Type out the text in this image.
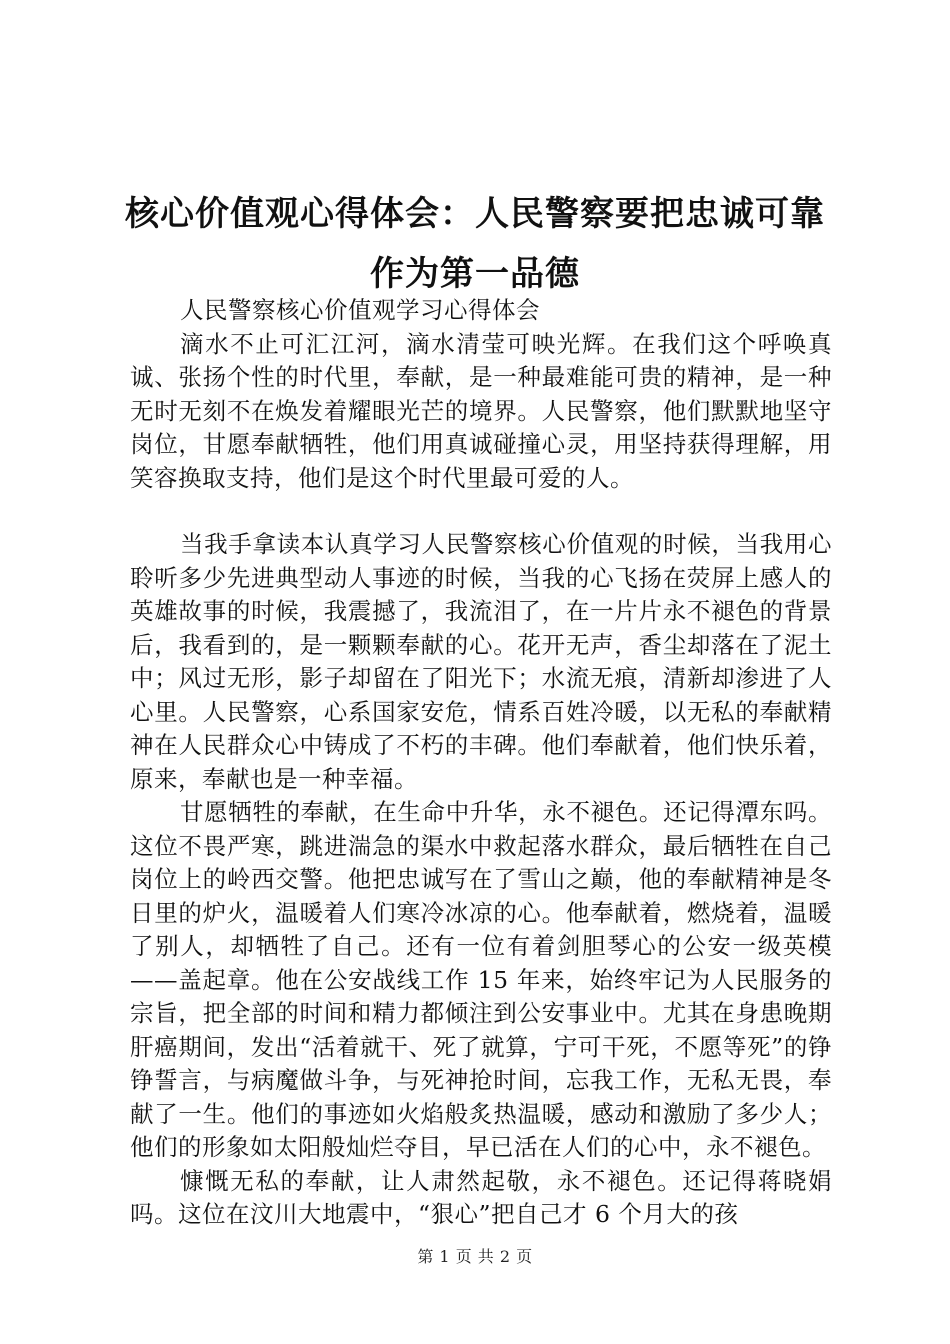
核心价值观心得体会：人民警察要把忠诚可靠
作为第一品德

人民警察核心价值观学习心得体会

滴水不止可汇江河，滴水清莹可映光辉。在我们这个呼唤真诚、张扬个性的时代里，奉献，是一种最难能可贵的精神，是一种无时无刻不在焕发着耀眼光芒的境界。人民警察，他们默默地坚守岗位，甘愿奉献牺牲，他们用真诚碰撞心灵，用坚持获得理解，用笑容换取支持，他们是这个时代里最可爱的人。

当我手拿读本认真学习人民警察核心价值观的时候，当我用心聆听多少先进典型动人事迹的时候，当我的心飞扬在荧屏上感人的英雄故事的时候，我震撼了，我流泪了，在一片片永不褪色的背景后，我看到的，是一颗颗奉献的心。花开无声，香尘却落在了泥土中；风过无形，影子却留在了阳光下；水流无痕，清新却渗进了人心里。人民警察，心系国家安危，情系百姓冷暖，以无私的奉献精神在人民群众心中铸成了不朽的丰碑。他们奉献着，他们快乐着，原来，奉献也是一种幸福。

甘愿牺牲的奉献，在生命中升华，永不褪色。还记得潭东吗。这位不畏严寒，跳进湍急的渠水中救起落水群众，最后牺牲在自己岗位上的岭西交警。他把忠诚写在了雪山之巅，他的奉献精神是冬日里的炉火，温暖着人们寒冷冰凉的心。他奉献着，燃烧着，温暖了别人，却牺牲了自己。还有一位有着剑胆琴心的公安一级英模——盖起章。他在公安战线工作 15 年来，始终牢记为人民服务的宗旨，把全部的时间和精力都倾注到公安事业中。尤其在身患晚期肝癌期间，发出“活着就干、死了就算，宁可干死，不愿等死”的铮铮誓言，与病魔做斗争，与死神抢时间，忘我工作，无私无畏，奉献了一生。他们的事迹如火焰般炙热温暖，感动和激励了多少人；他们的形象如太阳般灿烂夺目，早已活在人们的心中，永不褪色。

慷慨无私的奉献，让人肃然起敬，永不褪色。还记得蒋晓娟吗。这位在汶川大地震中，“狠心”把自己才 6 个月大的孩

第 1 页 共 2 页
